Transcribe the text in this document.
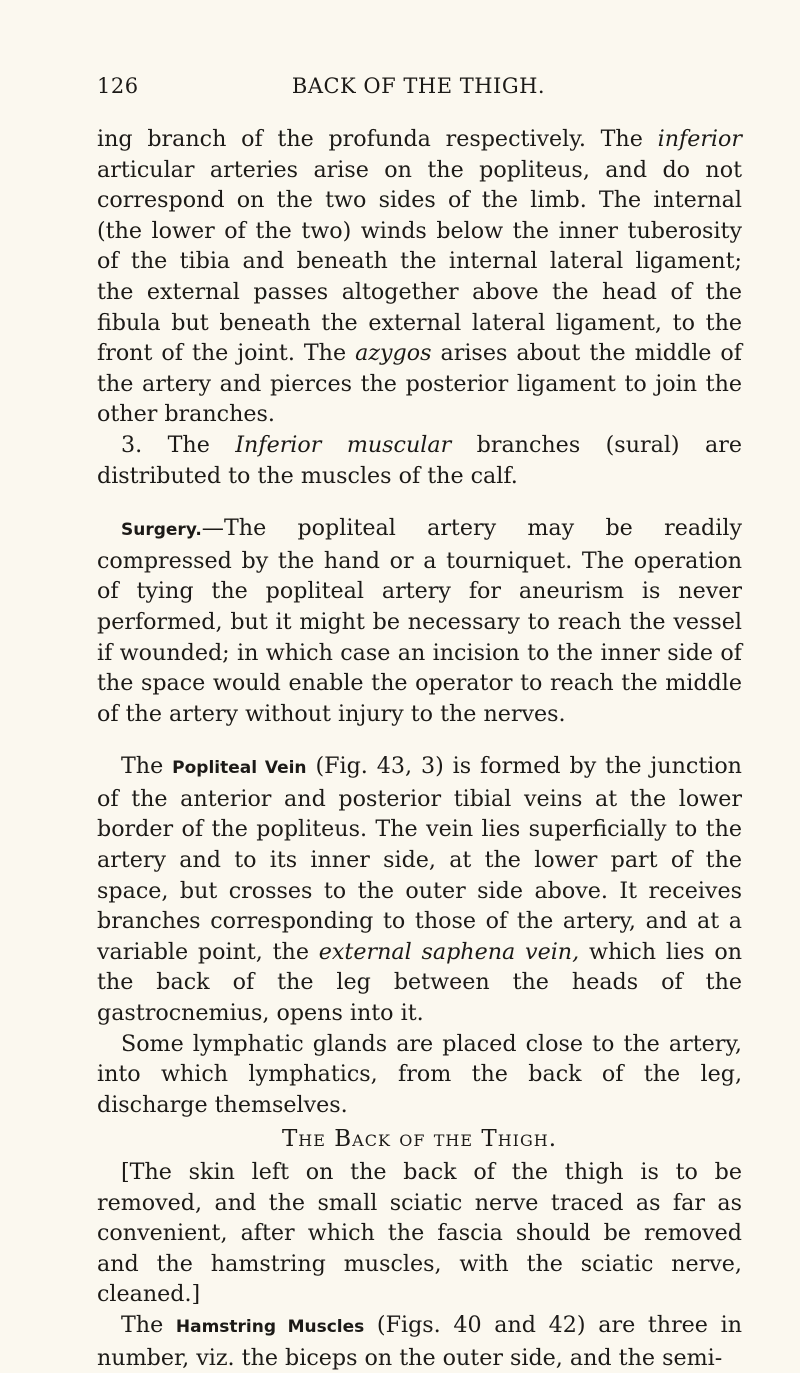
126	BACK OF THE THIGH.

ing branch of the profunda respectively. The inferior articular arteries arise on the popliteus, and do not correspond on the two sides of the limb. The internal (the lower of the two) winds below the inner tuberosity of the tibia and beneath the internal lateral ligament; the external passes altogether above the head of the fibula but beneath the external lateral ligament, to the front of the joint. The azygos arises about the middle of the artery and pierces the posterior ligament to join the other branches.

3. The Inferior muscular branches (sural) are distributed to the muscles of the calf.

Surgery.—The popliteal artery may be readily compressed by the hand or a tourniquet. The operation of tying the popliteal artery for aneurism is never performed, but it might be necessary to reach the vessel if wounded; in which case an incision to the inner side of the space would enable the operator to reach the middle of the artery without injury to the nerves.

The Popliteal Vein (Fig. 43, 3) is formed by the junction of the anterior and posterior tibial veins at the lower border of the popliteus. The vein lies superficially to the artery and to its inner side, at the lower part of the space, but crosses to the outer side above. It receives branches corresponding to those of the artery, and at a variable point, the external saphena vein, which lies on the back of the leg between the heads of the gastrocnemius, opens into it.

Some lymphatic glands are placed close to the artery, into which lymphatics, from the back of the leg, discharge themselves.

The Back of the Thigh.

[The skin left on the back of the thigh is to be removed, and the small sciatic nerve traced as far as convenient, after which the fascia should be removed and the hamstring muscles, with the sciatic nerve, cleaned.]

The Hamstring Muscles (Figs. 40 and 42) are three in number, viz. the biceps on the outer side, and the semi-
